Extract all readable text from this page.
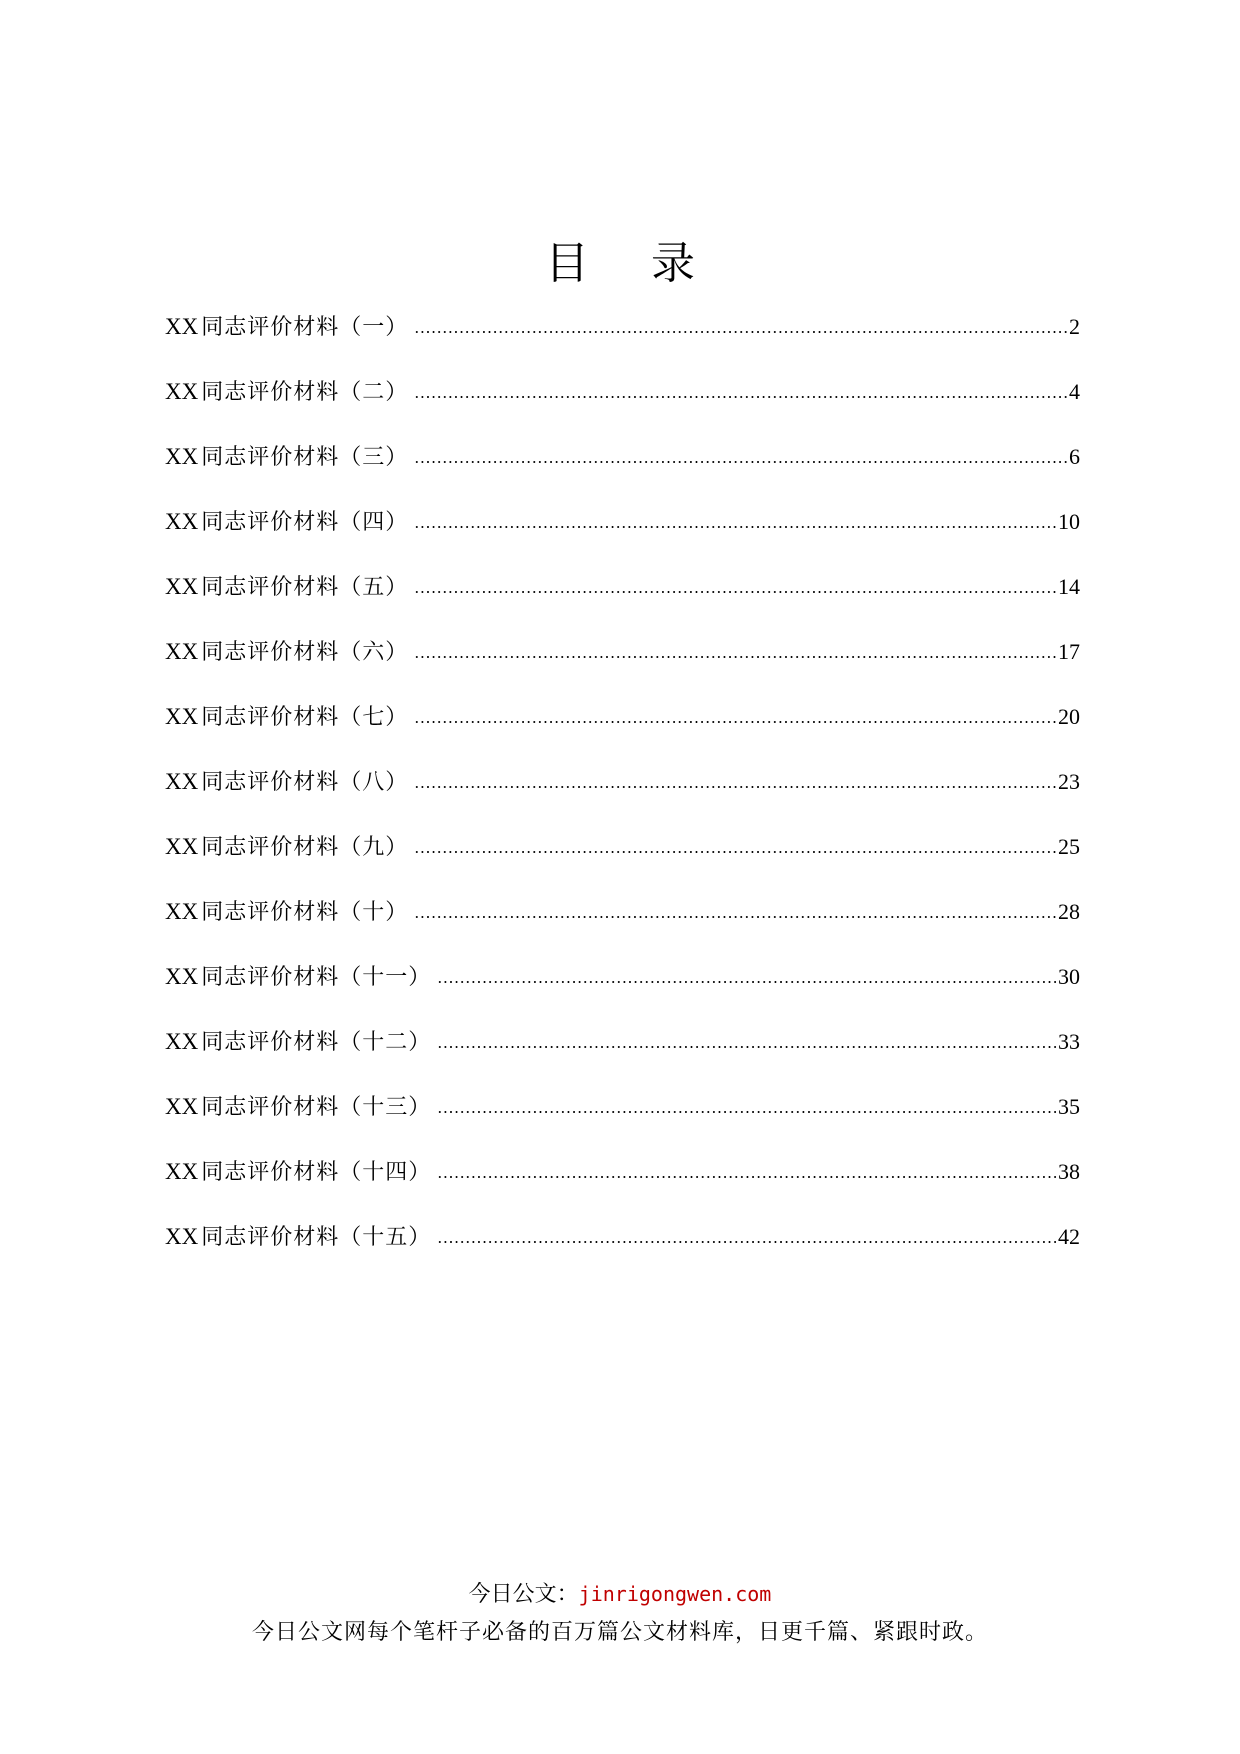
目 录
XX 同志评价材料（一）	2
XX 同志评价材料（二）	4
XX 同志评价材料（三）	6
XX 同志评价材料（四）	10
XX 同志评价材料（五）	14
XX 同志评价材料（六）	17
XX 同志评价材料（七）	20
XX 同志评价材料（八）	23
XX 同志评价材料（九）	25
XX 同志评价材料（十）	28
XX 同志评价材料（十一）	30
XX 同志评价材料（十二）	33
XX 同志评价材料（十三）	35
XX 同志评价材料（十四）	38
XX 同志评价材料（十五）	42
今日公文：jinrigongwen.com
今日公文网每个笔杆子必备的百万篇公文材料库，日更千篇、紧跟时政。
